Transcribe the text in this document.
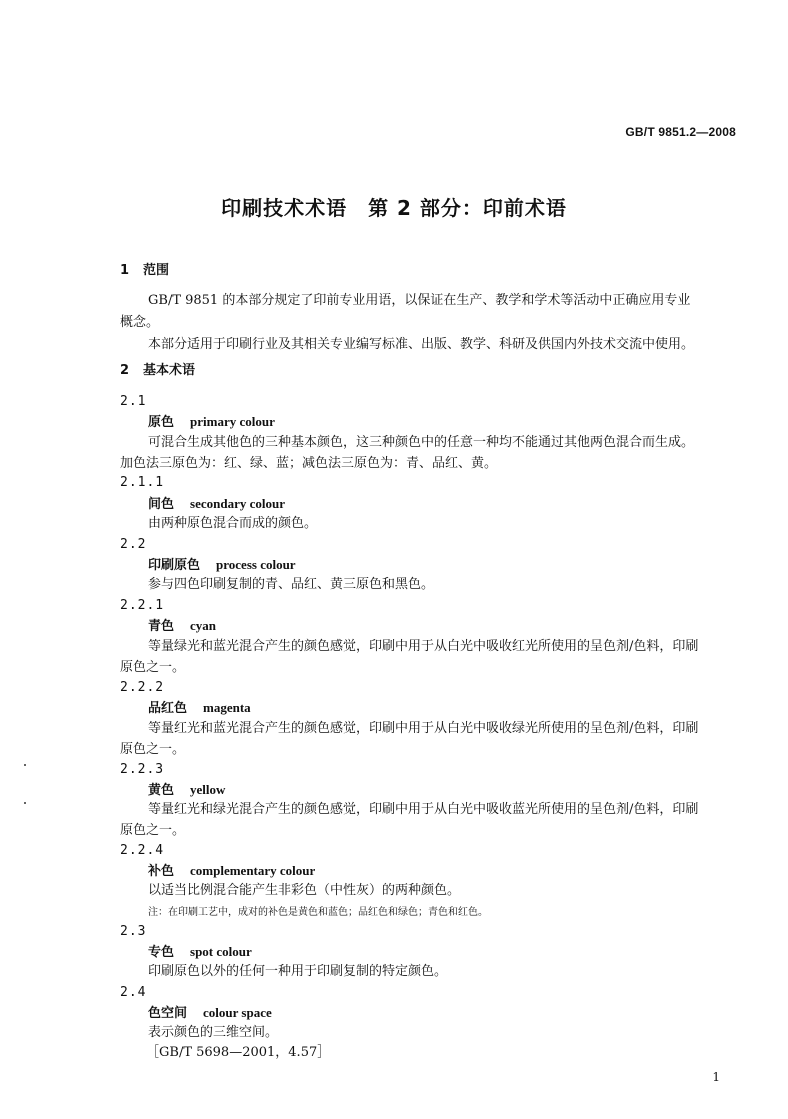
GB/T 9851.2—2008
印刷技术术语　第 2 部分：印前术语
1 范围
GB/T 9851 的本部分规定了印前专业用语，以保证在生产、教学和学术等活动中正确应用专业
概念。
本部分适用于印刷行业及其相关专业编写标准、出版、教学、科研及供国内外技术交流中使用。
2 基本术语
2.1
原色 primary colour
可混合生成其他色的三种基本颜色，这三种颜色中的任意一种均不能通过其他两色混合而生成。
加色法三原色为：红、绿、蓝；减色法三原色为：青、品红、黄。
2.1.1
间色 secondary colour
由两种原色混合而成的颜色。
2.2
印刷原色 process colour
参与四色印刷复制的青、品红、黄三原色和黑色。
2.2.1
青色 cyan
等量绿光和蓝光混合产生的颜色感觉，印刷中用于从白光中吸收红光所使用的呈色剂/色料，印刷
原色之一。
2.2.2
品红色 magenta
等量红光和蓝光混合产生的颜色感觉，印刷中用于从白光中吸收绿光所使用的呈色剂/色料，印刷
原色之一。
2.2.3
黄色 yellow
等量红光和绿光混合产生的颜色感觉，印刷中用于从白光中吸收蓝光所使用的呈色剂/色料，印刷
原色之一。
2.2.4
补色 complementary colour
以适当比例混合能产生非彩色（中性灰）的两种颜色。
注：在印刷工艺中，成对的补色是黄色和蓝色；品红色和绿色；青色和红色。
2.3
专色 spot colour
印刷原色以外的任何一种用于印刷复制的特定颜色。
2.4
色空间 colour space
表示颜色的三维空间。
［GB/T 5698—2001，4.57］
1
